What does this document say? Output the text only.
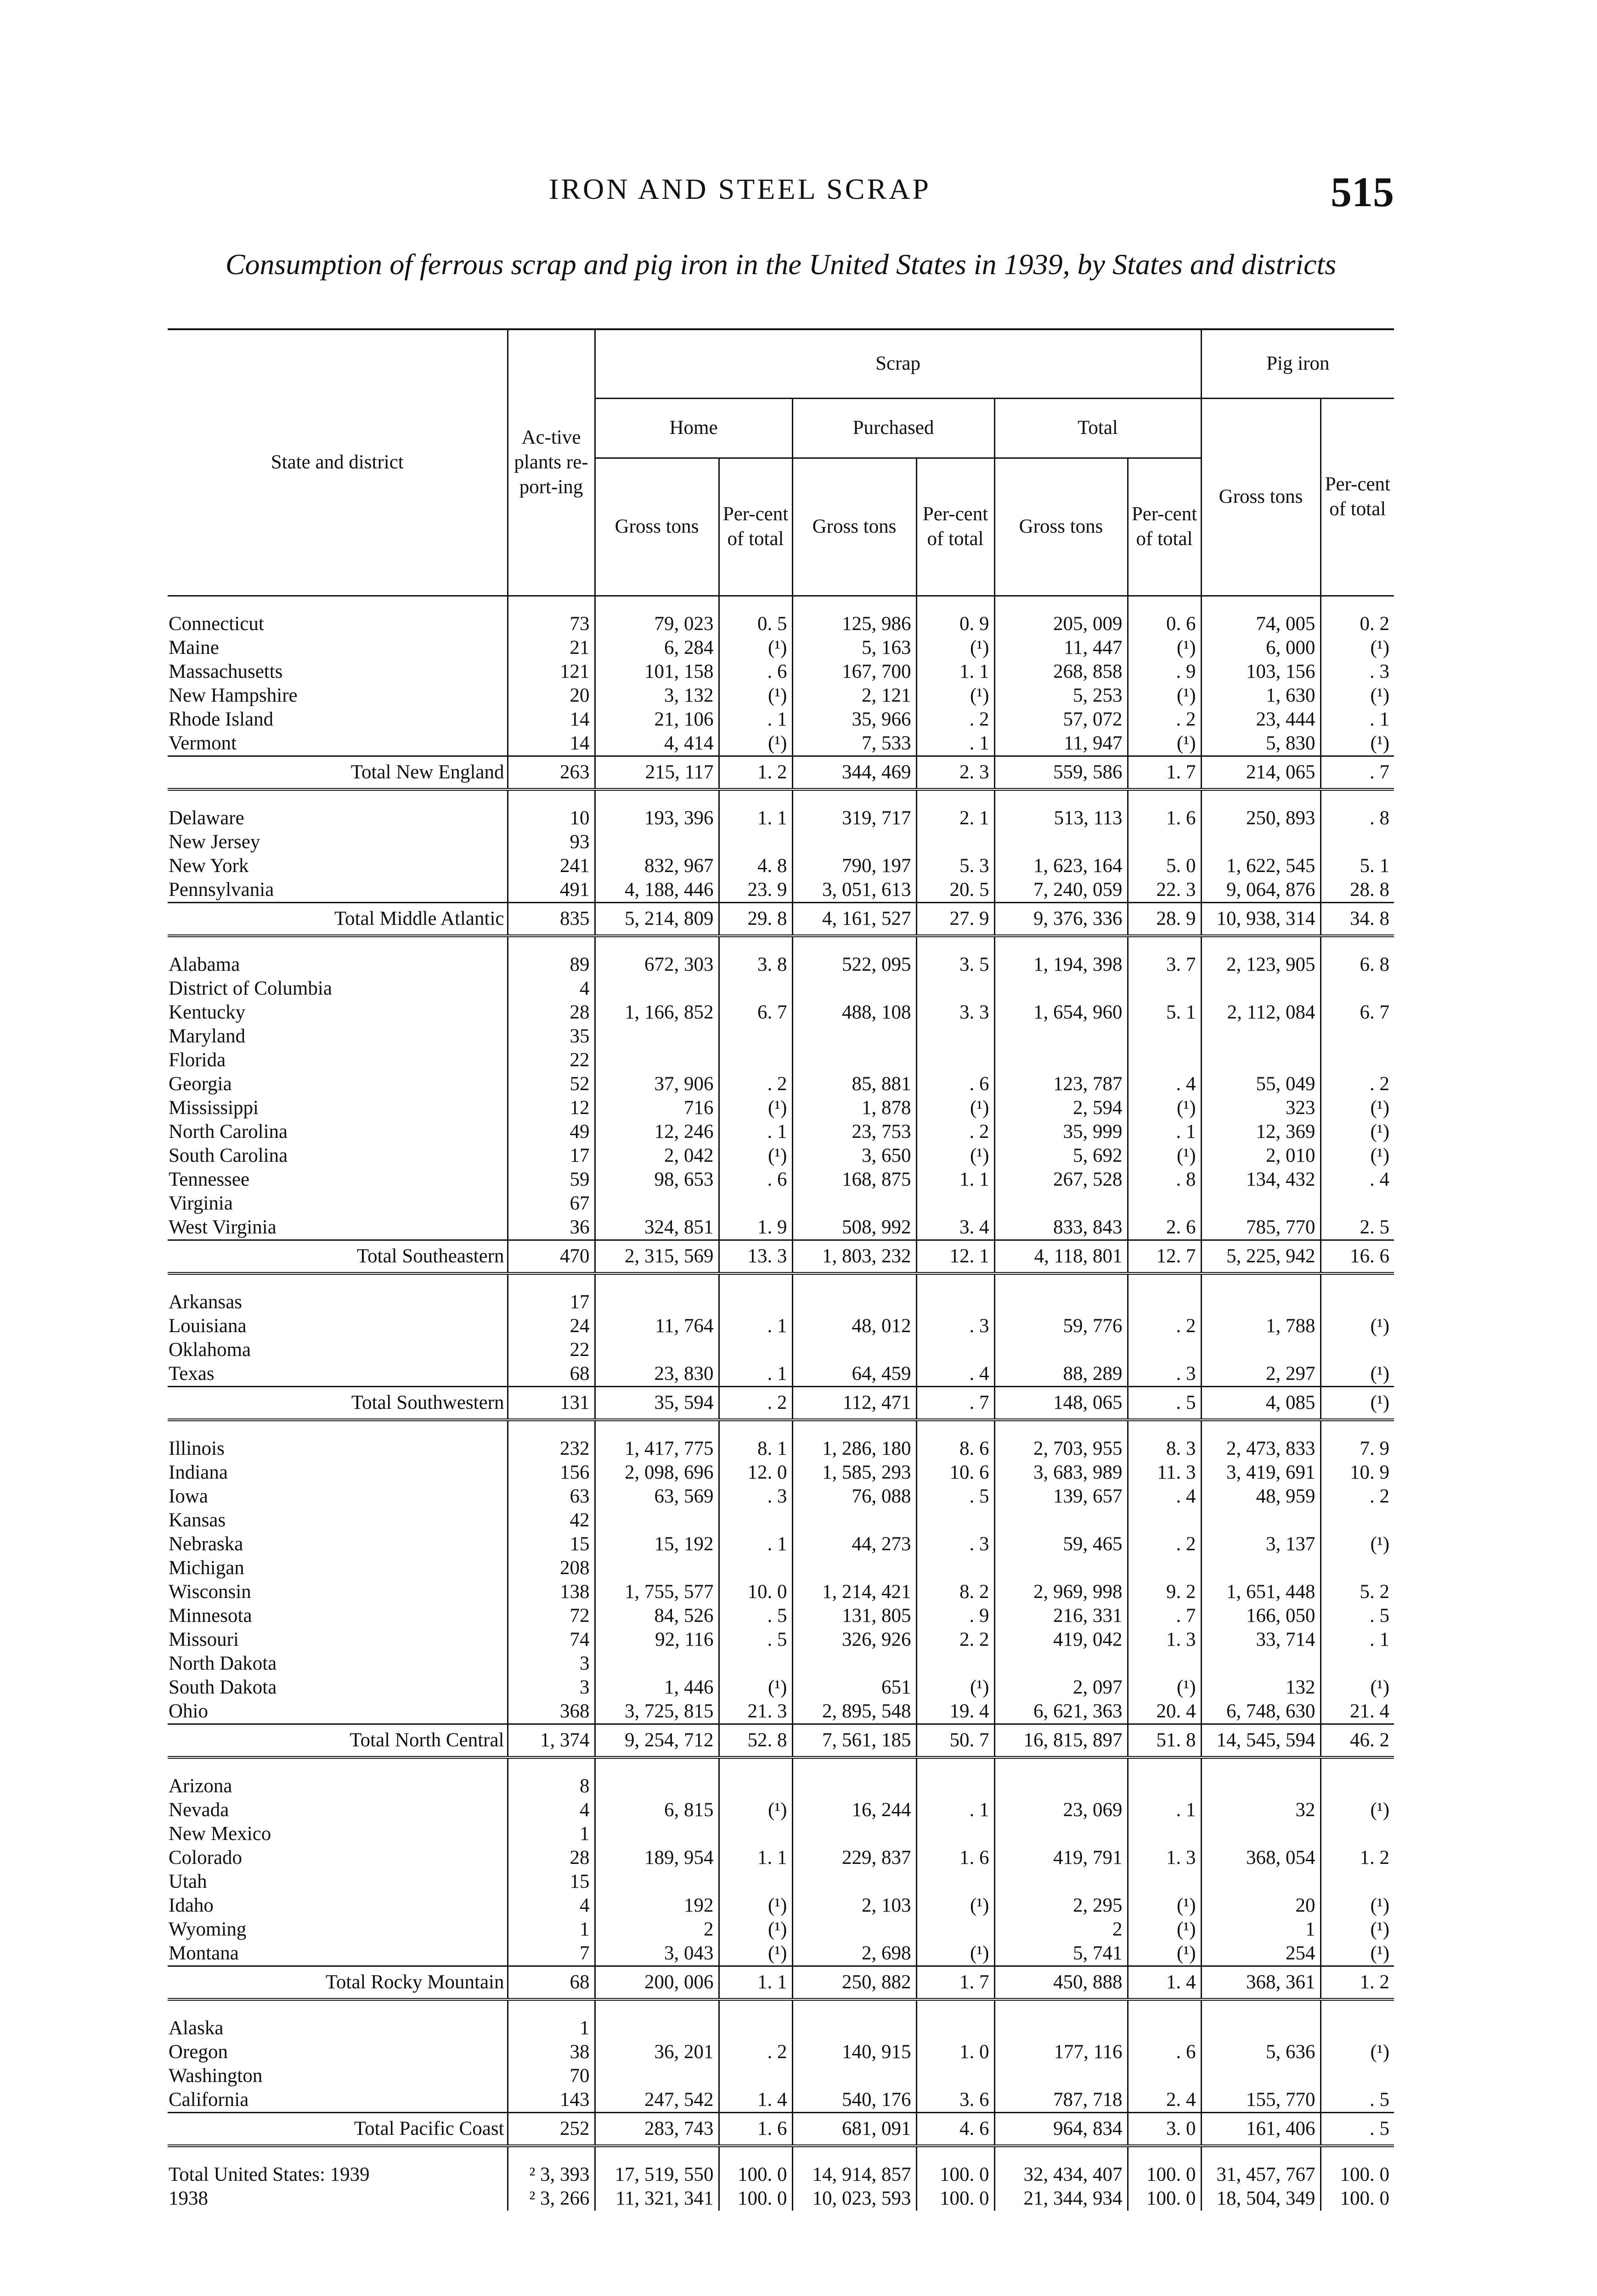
IRON AND STEEL SCRAP	515
Consumption of ferrous scrap and pig iron in the United States in 1939, by States and districts
State and district	Ac-tive plants re-port-ing	Scrap						Pig iron	
		Home		Purchased		Total		Gross tons	Per-cent of total
		Gross tons	Per-cent of total	Gross tons	Per-cent of total	Gross tons	Per-cent of total		

Connecticut	73	79, 023	0. 5	125, 986	0. 9	205, 009	0. 6	74, 005	0. 2
Maine	21	6, 284	(¹)	5, 163	(¹)	11, 447	(¹)	6, 000	(¹)
Massachusetts	121	101, 158	. 6	167, 700	1. 1	268, 858	. 9	103, 156	. 3
New Hampshire	20	3, 132	(¹)	2, 121	(¹)	5, 253	(¹)	1, 630	(¹)
Rhode Island	14	21, 106	. 1	35, 966	. 2	57, 072	. 2	23, 444	. 1
Vermont	14	4, 414	(¹)	7, 533	. 1	11, 947	(¹)	5, 830	(¹)
Total New England	263	215, 117	1. 2	344, 469	2. 3	559, 586	1. 7	214, 065	. 7

Delaware	10	193, 396	1. 1	319, 717	2. 1	513, 113	1. 6	250, 893	. 8
New Jersey	93								
New York	241	832, 967	4. 8	790, 197	5. 3	1, 623, 164	5. 0	1, 622, 545	5. 1
Pennsylvania	491	4, 188, 446	23. 9	3, 051, 613	20. 5	7, 240, 059	22. 3	9, 064, 876	28. 8
Total Middle Atlantic	835	5, 214, 809	29. 8	4, 161, 527	27. 9	9, 376, 336	28. 9	10, 938, 314	34. 8

Alabama	89	672, 303	3. 8	522, 095	3. 5	1, 194, 398	3. 7	2, 123, 905	6. 8
District of Columbia	4								
Kentucky	28	1, 166, 852	6. 7	488, 108	3. 3	1, 654, 960	5. 1	2, 112, 084	6. 7
Maryland	35								
Florida	22								
Georgia	52	37, 906	. 2	85, 881	. 6	123, 787	. 4	55, 049	. 2
Mississippi	12	716	(¹)	1, 878	(¹)	2, 594	(¹)	323	(¹)
North Carolina	49	12, 246	. 1	23, 753	. 2	35, 999	. 1	12, 369	(¹)
South Carolina	17	2, 042	(¹)	3, 650	(¹)	5, 692	(¹)	2, 010	(¹)
Tennessee	59	98, 653	. 6	168, 875	1. 1	267, 528	. 8	134, 432	. 4
Virginia	67								
West Virginia	36	324, 851	1. 9	508, 992	3. 4	833, 843	2. 6	785, 770	2. 5
Total Southeastern	470	2, 315, 569	13. 3	1, 803, 232	12. 1	4, 118, 801	12. 7	5, 225, 942	16. 6

Arkansas	17								
Louisiana	24	11, 764	. 1	48, 012	. 3	59, 776	. 2	1, 788	(¹)
Oklahoma	22								
Texas	68	23, 830	. 1	64, 459	. 4	88, 289	. 3	2, 297	(¹)
Total Southwestern	131	35, 594	. 2	112, 471	. 7	148, 065	. 5	4, 085	(¹)

Illinois	232	1, 417, 775	8. 1	1, 286, 180	8. 6	2, 703, 955	8. 3	2, 473, 833	7. 9
Indiana	156	2, 098, 696	12. 0	1, 585, 293	10. 6	3, 683, 989	11. 3	3, 419, 691	10. 9
Iowa	63	63, 569	. 3	76, 088	. 5	139, 657	. 4	48, 959	. 2
Kansas	42								
Nebraska	15	15, 192	. 1	44, 273	. 3	59, 465	. 2	3, 137	(¹)
Michigan	208								
Wisconsin	138	1, 755, 577	10. 0	1, 214, 421	8. 2	2, 969, 998	9. 2	1, 651, 448	5. 2
Minnesota	72	84, 526	. 5	131, 805	. 9	216, 331	. 7	166, 050	. 5
Missouri	74	92, 116	. 5	326, 926	2. 2	419, 042	1. 3	33, 714	. 1
North Dakota	3								
South Dakota	3	1, 446	(¹)	651	(¹)	2, 097	(¹)	132	(¹)
Ohio	368	3, 725, 815	21. 3	2, 895, 548	19. 4	6, 621, 363	20. 4	6, 748, 630	21. 4
Total North Central	1, 374	9, 254, 712	52. 8	7, 561, 185	50. 7	16, 815, 897	51. 8	14, 545, 594	46. 2

Arizona	8								
Nevada	4	6, 815	(¹)	16, 244	. 1	23, 069	. 1	32	(¹)
New Mexico	1								
Colorado	28	189, 954	1. 1	229, 837	1. 6	419, 791	1. 3	368, 054	1. 2
Utah	15								
Idaho	4	192	(¹)	2, 103	(¹)	2, 295	(¹)	20	(¹)
Wyoming	1	2	(¹)			2	(¹)	1	(¹)
Montana	7	3, 043	(¹)	2, 698	(¹)	5, 741	(¹)	254	(¹)
Total Rocky Mountain	68	200, 006	1. 1	250, 882	1. 7	450, 888	1. 4	368, 361	1. 2

Alaska	1								
Oregon	38	36, 201	. 2	140, 915	1. 0	177, 116	. 6	5, 636	(¹)
Washington	70								
California	143	247, 542	1. 4	540, 176	3. 6	787, 718	2. 4	155, 770	. 5
Total Pacific Coast	252	283, 743	1. 6	681, 091	4. 6	964, 834	3. 0	161, 406	. 5

Total United States: 1939	² 3, 393	17, 519, 550	100. 0	14, 914, 857	100. 0	32, 434, 407	100. 0	31, 457, 767	100. 0
1938	² 3, 266	11, 321, 341	100. 0	10, 023, 593	100. 0	21, 344, 934	100. 0	18, 504, 349	100. 0
